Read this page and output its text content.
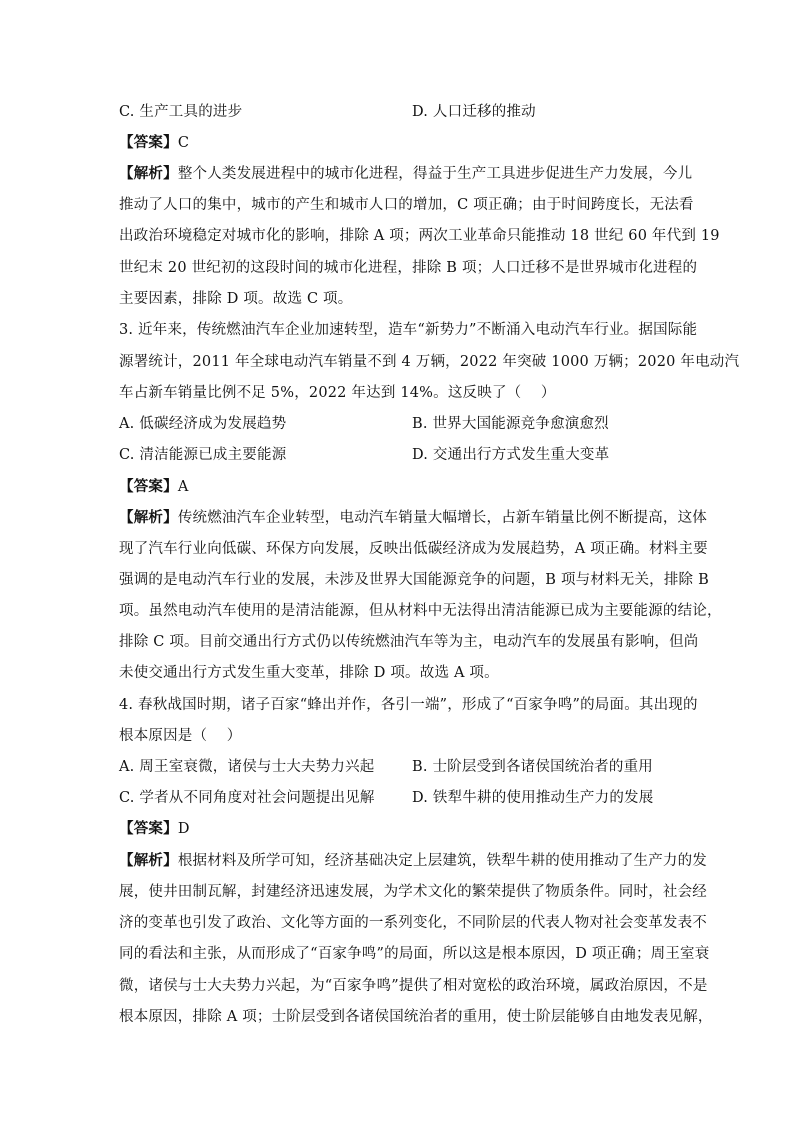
C. 生产工具的进步	D. 人口迁移的推动
【答案】C
【解析】整个人类发展进程中的城市化进程，得益于生产工具进步促进生产力发展，今儿
推动了人口的集中，城市的产生和城市人口的增加，C 项正确；由于时间跨度长，无法看
出政治环境稳定对城市化的影响，排除 A 项；两次工业革命只能推动 18 世纪 60 年代到 19
世纪末 20 世纪初的这段时间的城市化进程，排除 B 项；人口迁移不是世界城市化进程的
主要因素，排除 D 项。故选 C 项。
3. 近年来，传统燃油汽车企业加速转型，造车“新势力”不断涌入电动汽车行业。据国际能
源署统计，2011 年全球电动汽车销量不到 4 万辆，2022 年突破 1000 万辆；2020 年电动汽
车占新车销量比例不足 5%，2022 年达到 14%。这反映了（　 ）
A. 低碳经济成为发展趋势	B. 世界大国能源竞争愈演愈烈
C. 清洁能源已成主要能源	D. 交通出行方式发生重大变革
【答案】A
【解析】传统燃油汽车企业转型，电动汽车销量大幅增长，占新车销量比例不断提高，这体
现了汽车行业向低碳、环保方向发展，反映出低碳经济成为发展趋势，A 项正确。材料主要
强调的是电动汽车行业的发展，未涉及世界大国能源竞争的问题，B 项与材料无关，排除 B
项。虽然电动汽车使用的是清洁能源，但从材料中无法得出清洁能源已成为主要能源的结论，
排除 C 项。目前交通出行方式仍以传统燃油汽车等为主，电动汽车的发展虽有影响，但尚
未使交通出行方式发生重大变革，排除 D 项。故选 A 项。
4. 春秋战国时期，诸子百家“蜂出并作，各引一端”，形成了“百家争鸣”的局面。其出现的
根本原因是（　 ）
A. 周王室衰微，诸侯与士大夫势力兴起	B. 士阶层受到各诸侯国统治者的重用
C. 学者从不同角度对社会问题提出见解	D. 铁犁牛耕的使用推动生产力的发展
【答案】D
【解析】根据材料及所学可知，经济基础决定上层建筑，铁犁牛耕的使用推动了生产力的发
展，使井田制瓦解，封建经济迅速发展，为学术文化的繁荣提供了物质条件。同时，社会经
济的变革也引发了政治、文化等方面的一系列变化，不同阶层的代表人物对社会变革发表不
同的看法和主张，从而形成了“百家争鸣”的局面，所以这是根本原因，D 项正确；周王室衰
微，诸侯与士大夫势力兴起，为“百家争鸣”提供了相对宽松的政治环境，属政治原因，不是
根本原因，排除 A 项；士阶层受到各诸侯国统治者的重用，使士阶层能够自由地发表见解，
